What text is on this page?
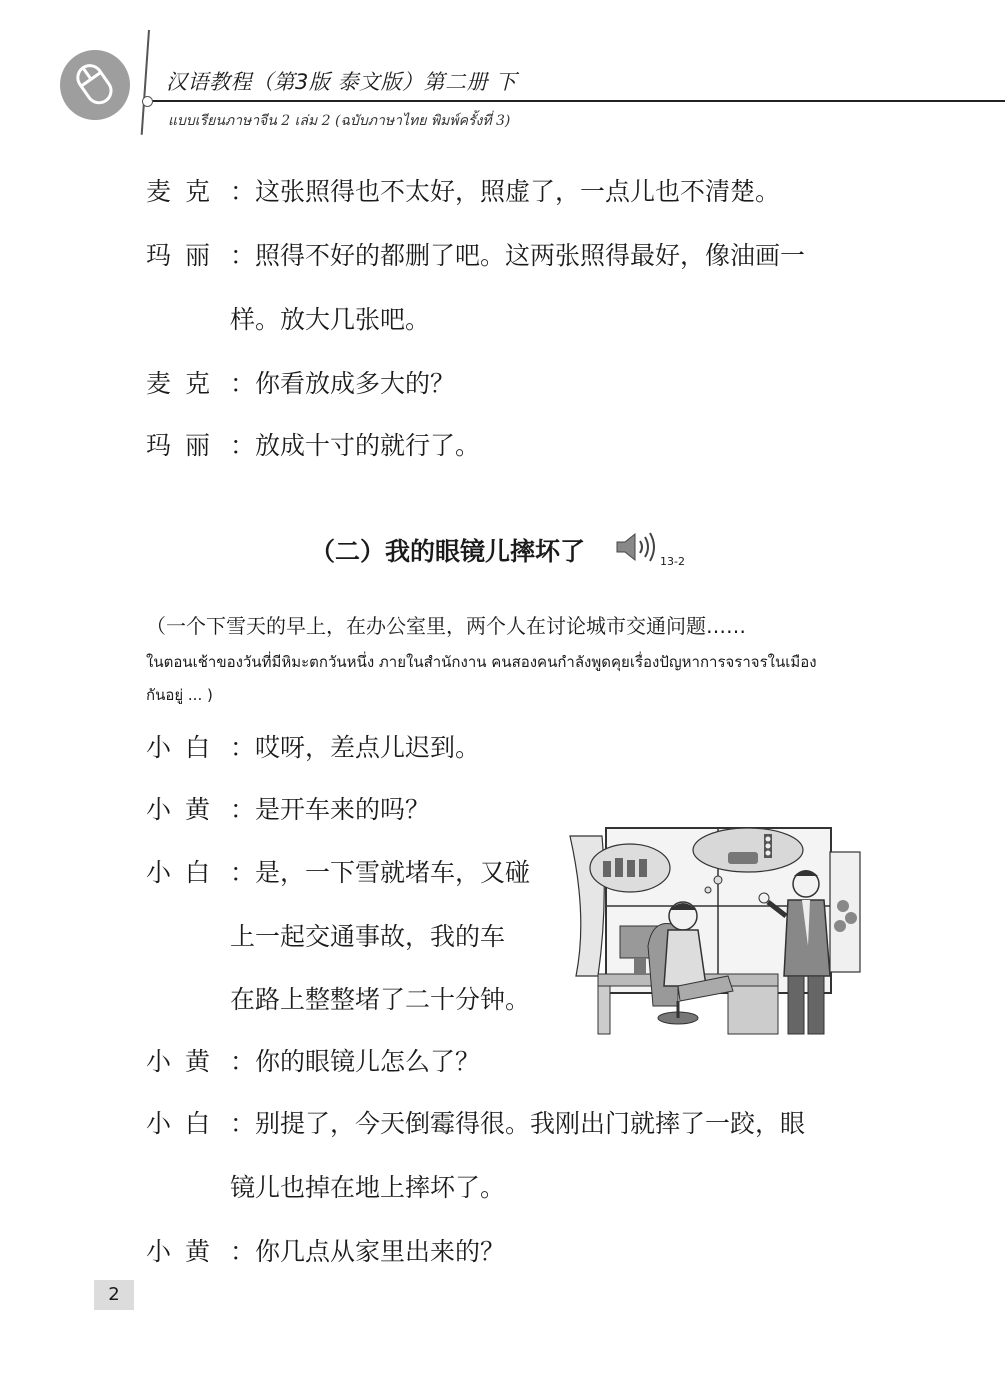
汉语教程（第3版 泰文版）第二册 下
แบบเรียนภาษาจีน 2 เล่ม 2 (ฉบับภาษาไทย พิมพ์ครั้งที่ 3)
麦克 ：这张照得也不太好，照虚了，一点儿也不清楚。
玛丽 ：照得不好的都删了吧。这两张照得最好，像油画一
样。放大几张吧。
麦克 ：你看放成多大的？
玛丽 ：放成十寸的就行了。
（二）我的眼镜儿摔坏了	13-2
（一个下雪天的早上，在办公室里，两个人在讨论城市交通问题……
ในตอนเช้าของวันที่มีหิมะตกวันหนึ่ง ภายในสำนักงาน คนสองคนกำลังพูดคุยเรื่องปัญหาการจราจรในเมือง
กันอยู่ ... )
小白 ：哎呀，差点儿迟到。
小黄 ：是开车来的吗？
小白 ：是，一下雪就堵车，又碰
上一起交通事故，我的车
在路上整整堵了二十分钟。
小黄 ：你的眼镜儿怎么了？
小白 ：别提了，今天倒霉得很。我刚出门就摔了一跤，眼
镜儿也掉在地上摔坏了。
小黄 ：你几点从家里出来的？
2
